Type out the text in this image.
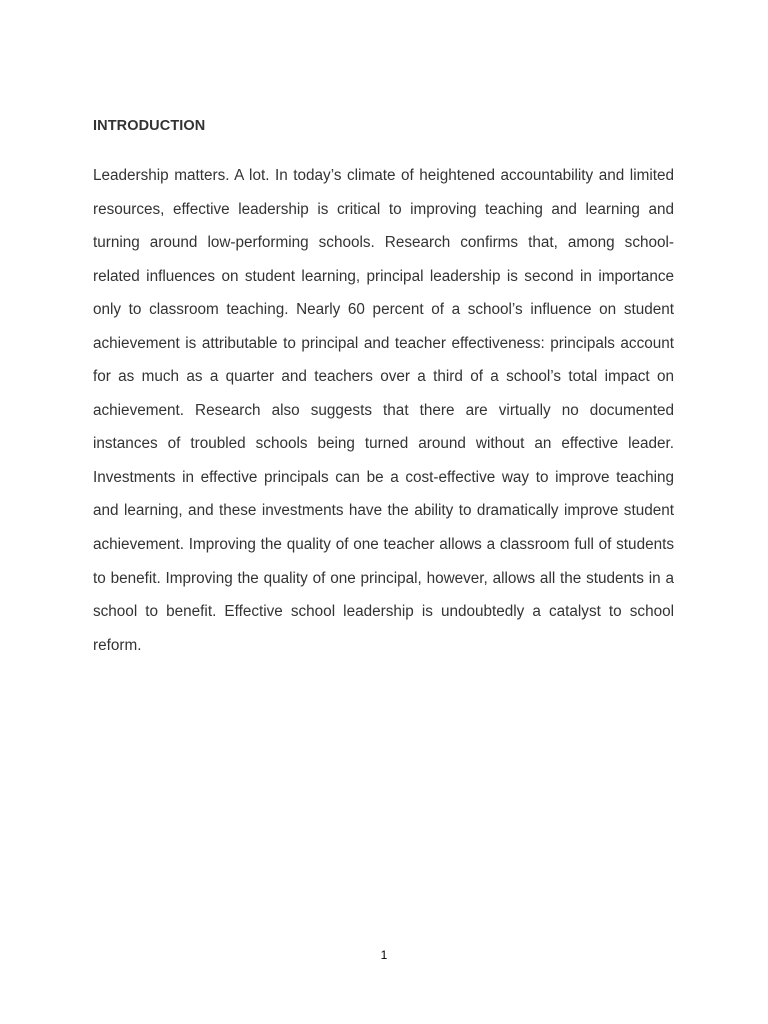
INTRODUCTION

Leadership matters. A lot. In today’s climate of heightened accountability and limited resources, effective leadership is critical to improving teaching and learning and turning around low-performing schools. Research confirms that, among school-related influences on student learning, principal leadership is second in importance only to classroom teaching. Nearly 60 percent of a school’s influence on student achievement is attributable to principal and teacher effectiveness: principals account for as much as a quarter and teachers over a third of a school’s total impact on achievement. Research also suggests that there are virtually no documented instances of troubled schools being turned around without an effective leader. Investments in effective principals can be a cost-effective way to improve teaching and learning, and these investments have the ability to dramatically improve student achievement. Improving the quality of one teacher allows a classroom full of students to benefit. Improving the quality of one principal, however, allows all the students in a school to benefit. Effective school leadership is undoubtedly a catalyst to school reform.

1
